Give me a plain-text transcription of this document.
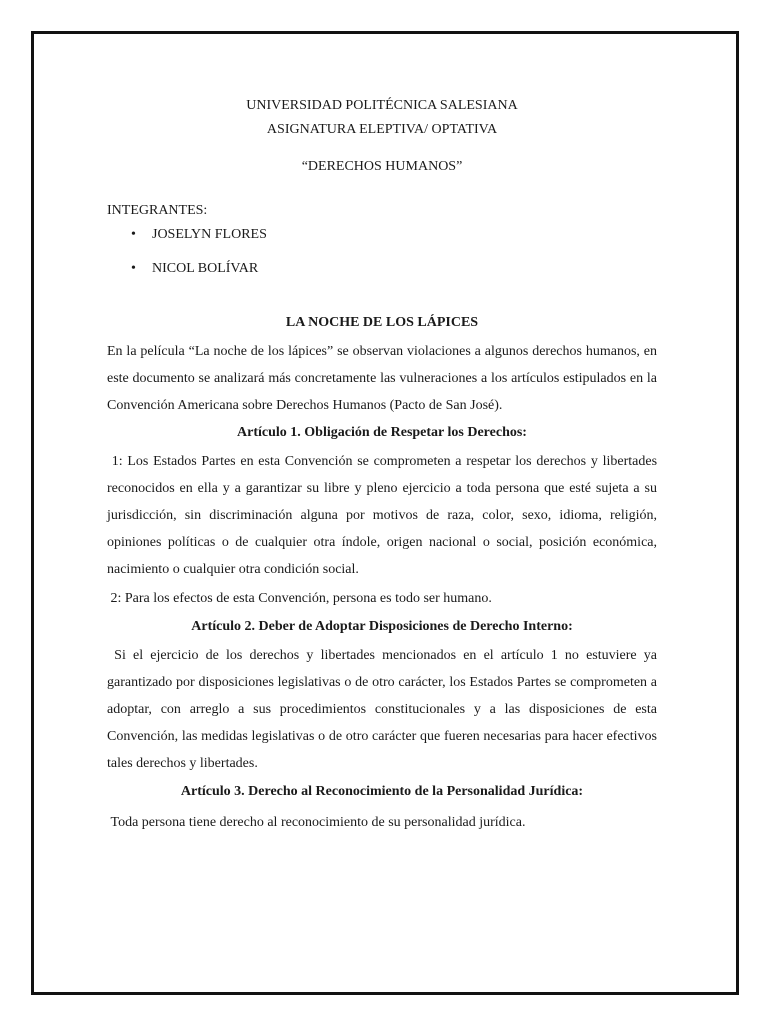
UNIVERSIDAD POLITÉCNICA SALESIANA

ASIGNATURA ELEPTIVA/ OPTATIVA

“DERECHOS HUMANOS”

INTEGRANTES:

• JOSELYN FLORES
• NICOL BOLÍVAR

LA NOCHE DE LOS LÁPICES

En la película “La noche de los lápices” se observan violaciones a algunos derechos humanos, en este documento se analizará más concretamente las vulneraciones a los artículos estipulados en la Convención Americana sobre Derechos Humanos (Pacto de San José).

Artículo 1. Obligación de Respetar los Derechos:

1: Los Estados Partes en esta Convención se comprometen a respetar los derechos y libertades reconocidos en ella y a garantizar su libre y pleno ejercicio a toda persona que esté sujeta a su jurisdicción, sin discriminación alguna por motivos de raza, color, sexo, idioma, religión, opiniones políticas o de cualquier otra índole, origen nacional o social, posición económica, nacimiento o cualquier otra condición social.

2: Para los efectos de esta Convención, persona es todo ser humano.

Artículo 2. Deber de Adoptar Disposiciones de Derecho Interno:

Si el ejercicio de los derechos y libertades mencionados en el artículo 1 no estuviere ya garantizado por disposiciones legislativas o de otro carácter, los Estados Partes se comprometen a adoptar, con arreglo a sus procedimientos constitucionales y a las disposiciones de esta Convención, las medidas legislativas o de otro carácter que fueren necesarias para hacer efectivos tales derechos y libertades.

Artículo 3. Derecho al Reconocimiento de la Personalidad Jurídica:

Toda persona tiene derecho al reconocimiento de su personalidad jurídica.
